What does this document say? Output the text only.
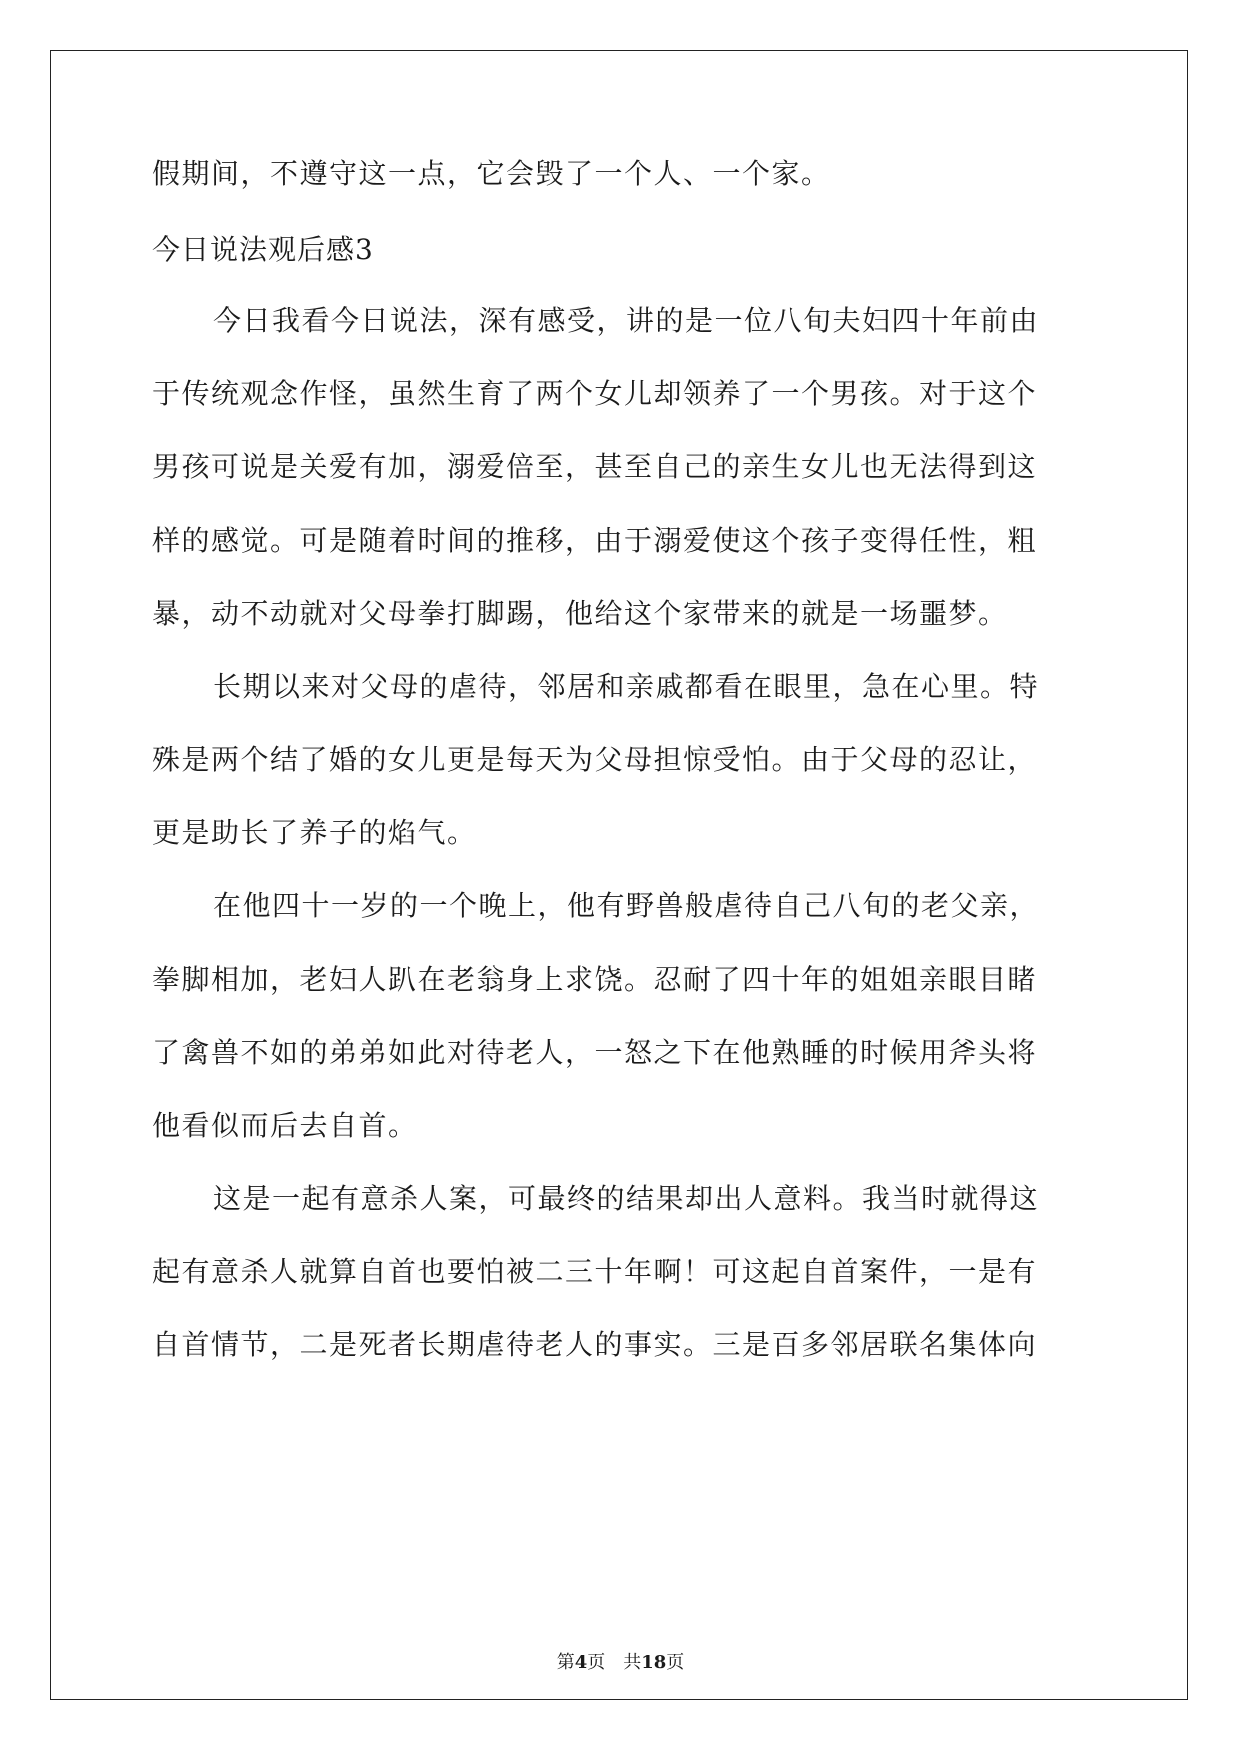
假期间，不遵守这一点，它会毁了一个人、一个家。
今日说法观后感3
今日我看今日说法，深有感受，讲的是一位八旬夫妇四十年前由
于传统观念作怪，虽然生育了两个女儿却领养了一个男孩。对于这个
男孩可说是关爱有加，溺爱倍至，甚至自己的亲生女儿也无法得到这
样的感觉。可是随着时间的推移，由于溺爱使这个孩子变得任性，粗
暴，动不动就对父母拳打脚踢，他给这个家带来的就是一场噩梦。
长期以来对父母的虐待，邻居和亲戚都看在眼里，急在心里。特
殊是两个结了婚的女儿更是每天为父母担惊受怕。由于父母的忍让，
更是助长了养子的焰气。
在他四十一岁的一个晚上，他有野兽般虐待自己八旬的老父亲，
拳脚相加，老妇人趴在老翁身上求饶。忍耐了四十年的姐姐亲眼目睹
了禽兽不如的弟弟如此对待老人，一怒之下在他熟睡的时候用斧头将
他看似而后去自首。
这是一起有意杀人案，可最终的结果却出人意料。我当时就得这
起有意杀人就算自首也要怕被二三十年啊！可这起自首案件，一是有
自首情节，二是死者长期虐待老人的事实。三是百多邻居联名集体向
第4页 共18页
